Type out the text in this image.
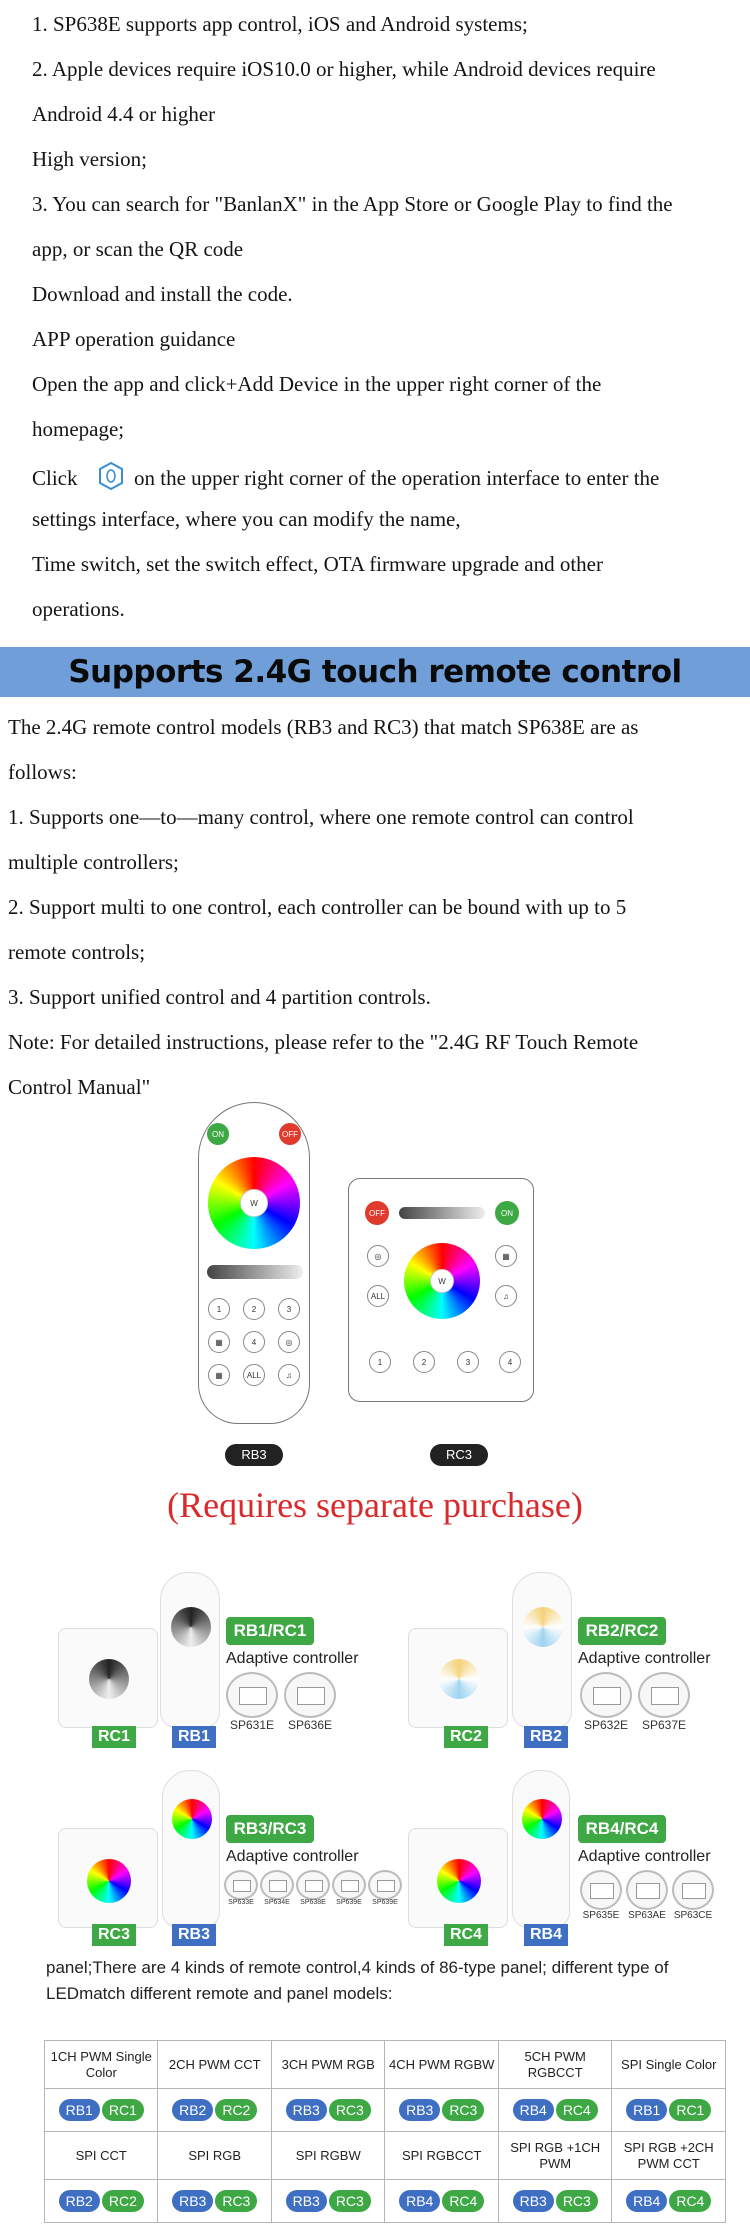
1. SP638E supports app control, iOS and Android systems;
2. Apple devices require iOS10.0 or higher, while Android devices require
Android 4.4 or higher
High version;
3. You can search for "BanlanX" in the App Store or Google Play to find the
app, or scan the QR code
Download and install the code.
APP operation guidance
Open the app and click+Add Device in the upper right corner of the
homepage;
Click	on the upper right corner of the operation interface to enter the
settings interface, where you can modify the name,
Time switch, set the switch effect, OTA firmware upgrade and other
operations.
Supports 2.4G touch remote control
The 2.4G remote control models (RB3 and RC3) that match SP638E are as
follows:
1. Supports one—to—many control, where one remote control can control
multiple controllers;
2. Support multi to one control, each controller can be bound with up to 5
remote controls;
3. Support unified control and 4 partition controls.
Note: For detailed instructions, please refer to the "2.4G RF Touch Remote
Control Manual"
ON	OFF
W
1	2	3
▦	4	◎
▦	ALL	♫
OFF	ON
◎	▦
W
ALL	♫
1	2	3	4
RB3	RC3
(Requires separate purchase)
RC1	RB1
RB1/RC1
Adaptive controller
SP631E	SP636E
RC2	RB2
RB2/RC2
Adaptive controller
SP632E	SP637E
RC3	RB3
RB3/RC3
Adaptive controller
SP633E	SP634E	SP638E	SP639E	SP639E
RC4	RB4
RB4/RC4
Adaptive controller
SP635E SP63AE SP63CE
panel;There are 4 kinds of remote control,4 kinds of 86-type panel; different type of
LEDmatch different remote and panel models:
1CH PWM Single Color	2CH PWM CCT	3CH PWM RGB	4CH PWM RGBW	5CH PWM RGBCCT	SPI Single Color
RB1 RC1	RB2 RC2	RB3 RC3	RB3 RC3	RB4 RC4	RB1 RC1
SPI CCT	SPI RGB	SPI RGBW	SPI RGBCCT	SPI RGB +1CH PWM	SPI RGB +2CH PWM CCT
RB2 RC2	RB3 RC3	RB3 RC3	RB4 RC4	RB3 RC3	RB4 RC4
